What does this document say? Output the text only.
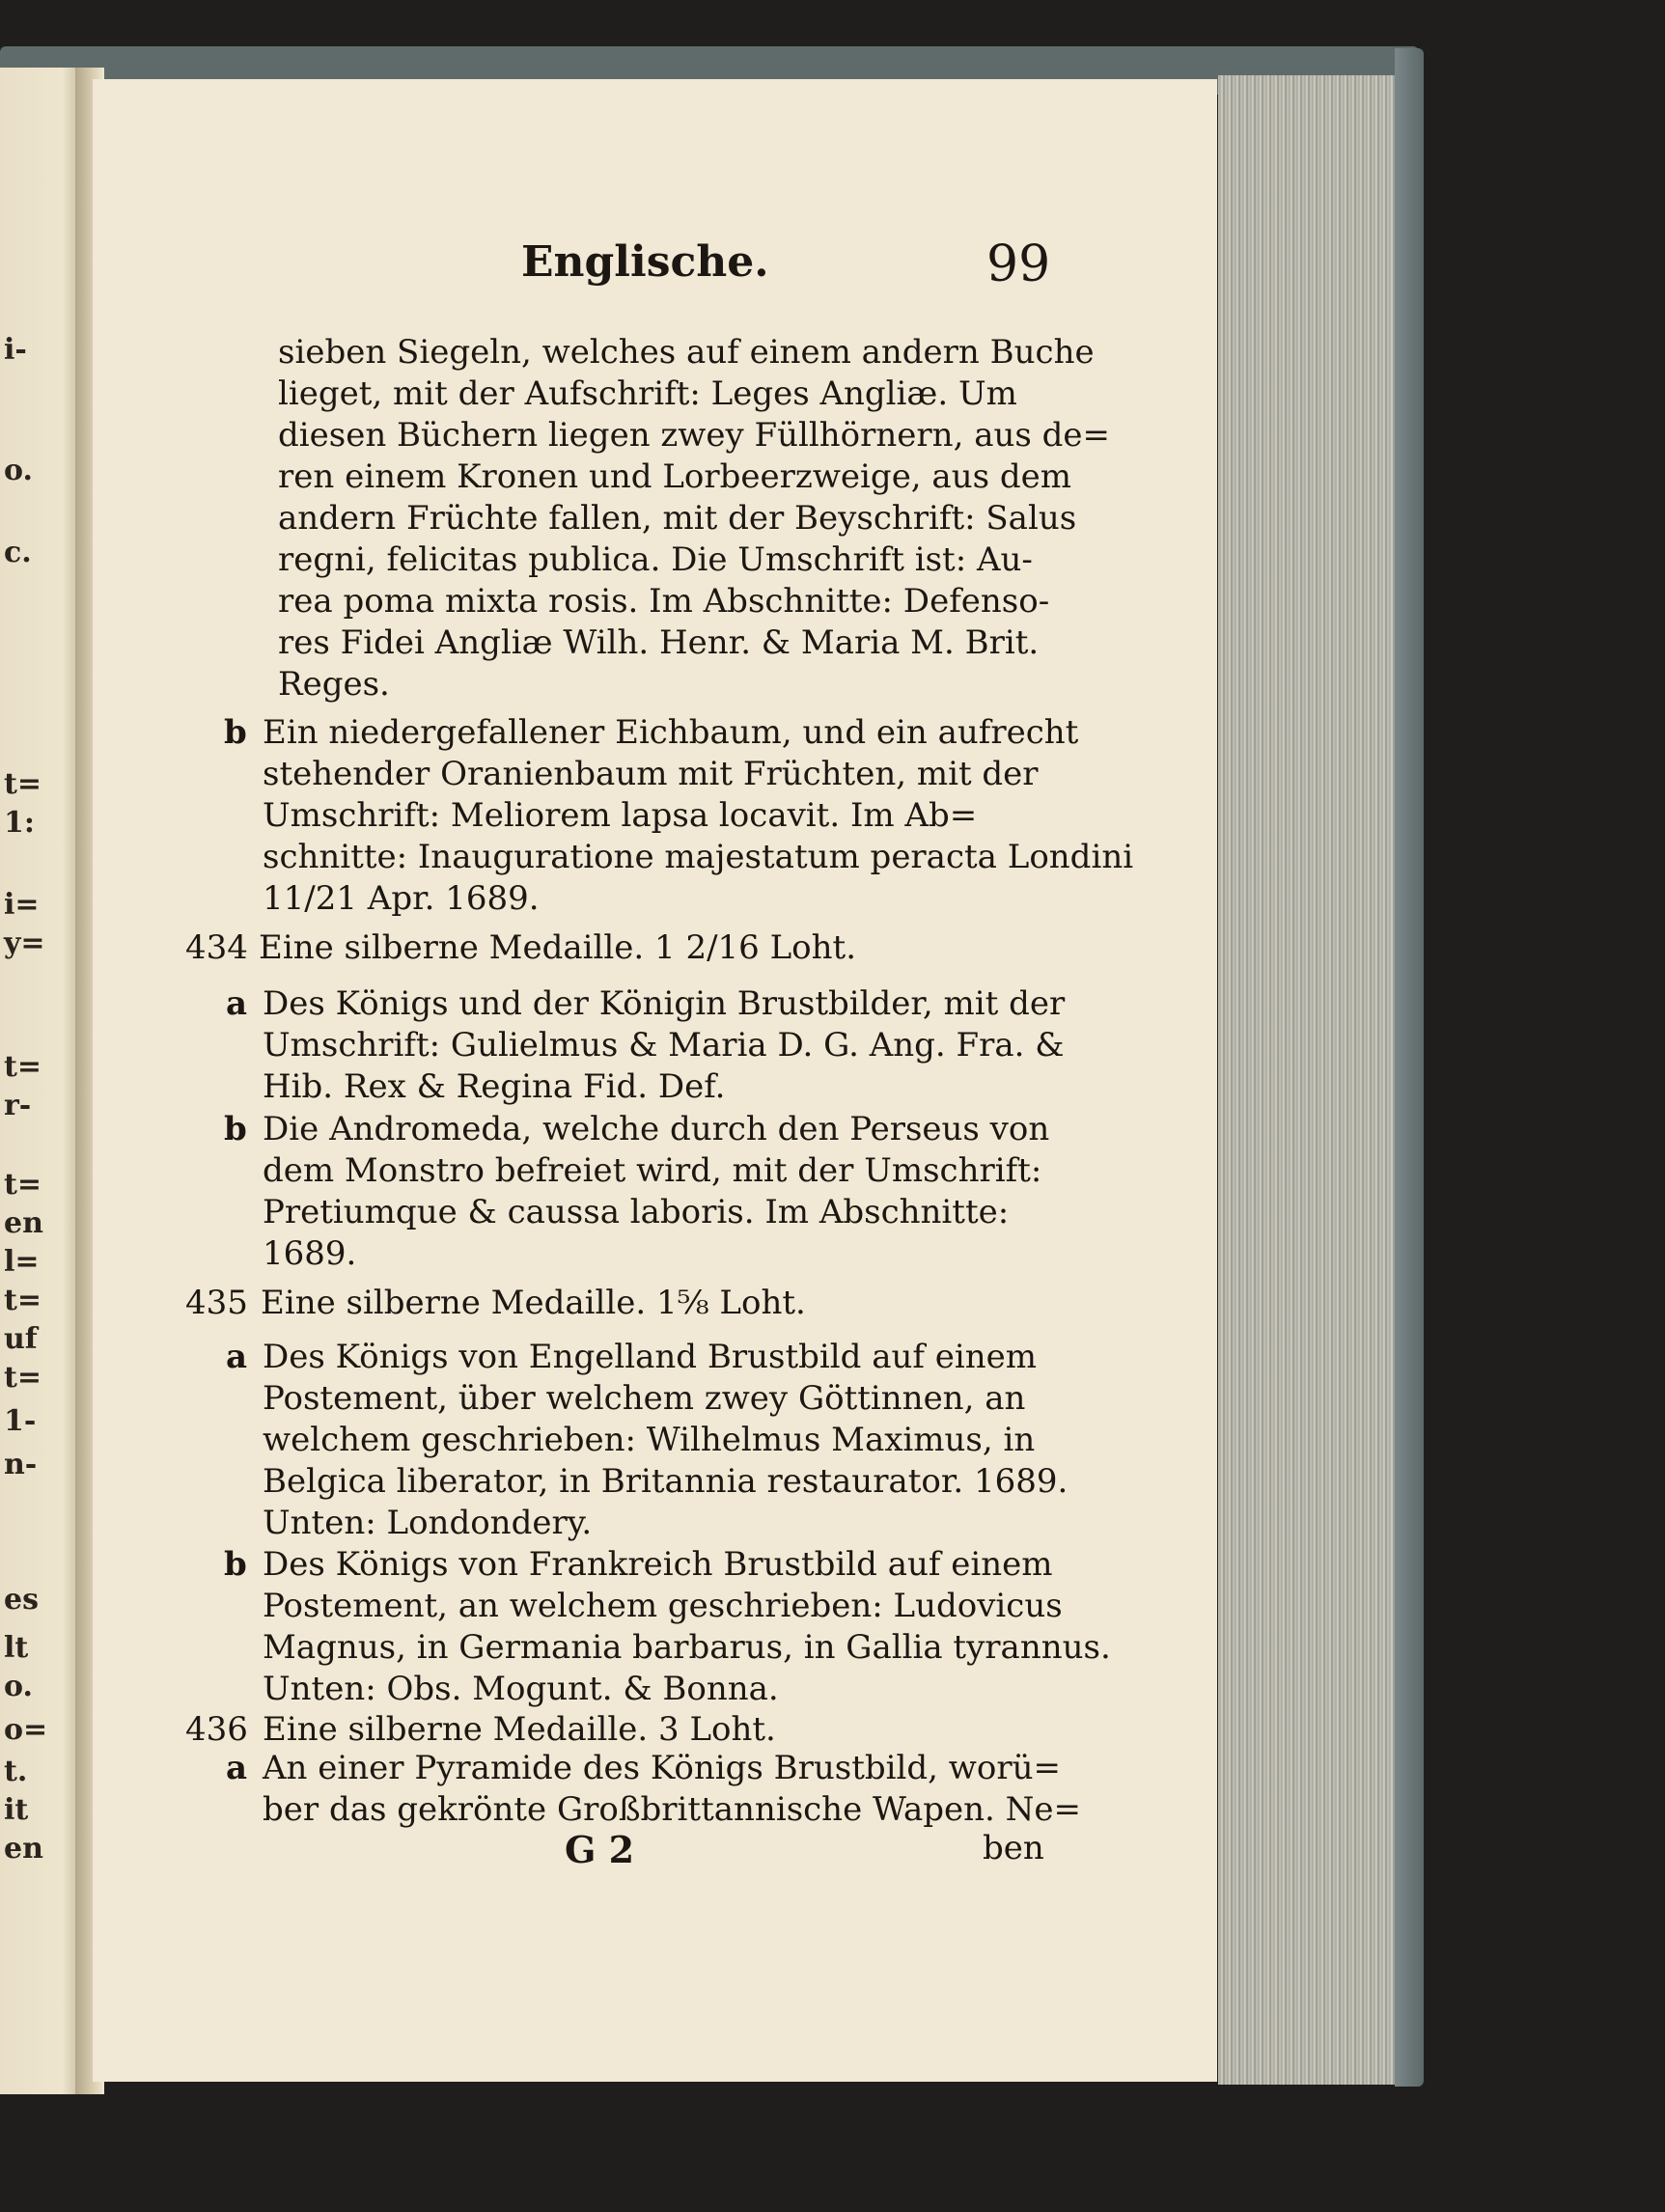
i-
o.
c.
t=
1:
i=
y=
t=
r-
t=
en
l=
t=
uf
t=
1-
n-
es
lt
o.
o=
t.
it
en
Englische.	99
sieben Siegeln, welches auf einem andern Buche
lieget, mit der Aufschrift: Leges Angliæ. Um
diesen Büchern liegen zwey Füllhörnern, aus de=
ren einem Kronen und Lorbeerzweige, aus dem
andern Früchte fallen, mit der Beyschrift: Salus
regni, felicitas publica. Die Umschrift ist: Au-
rea poma mixta rosis. Im Abschnitte: Defenso-
res Fidei Angliæ Wilh. Henr. & Maria M. Brit.
Reges.
Ein niedergefallener Eichbaum, und ein aufrecht
stehender Oranienbaum mit Früchten, mit der
Umschrift: Meliorem lapsa locavit. Im Ab=
schnitte: Inauguratione majestatum peracta Londini
11/21 Apr. 1689.
Eine silberne Medaille. 1 2/16 Loht.
Des Königs und der Königin Brustbilder, mit der
Umschrift: Gulielmus & Maria D. G. Ang. Fra. &
Hib. Rex & Regina Fid. Def.
Die Andromeda, welche durch den Perseus von
dem Monstro befreiet wird, mit der Umschrift:
Pretiumque & caussa laboris. Im Abschnitte:
1689.
Eine silberne Medaille. 1⅝ Loht.
Des Königs von Engelland Brustbild auf einem
Postement, über welchem zwey Göttinnen, an
welchem geschrieben: Wilhelmus Maximus, in
Belgica liberator, in Britannia restaurator. 1689.
Unten: Londondery.
Des Königs von Frankreich Brustbild auf einem
Postement, an welchem geschrieben: Ludovicus
Magnus, in Germania barbarus, in Gallia tyrannus.
Unten: Obs. Mogunt. & Bonna.
Eine silberne Medaille. 3 Loht.
An einer Pyramide des Königs Brustbild, worü=
ber das gekrönte Großbrittannische Wapen. Ne=
ben
b
434
a
b
435
a
b
436
a
G 2
